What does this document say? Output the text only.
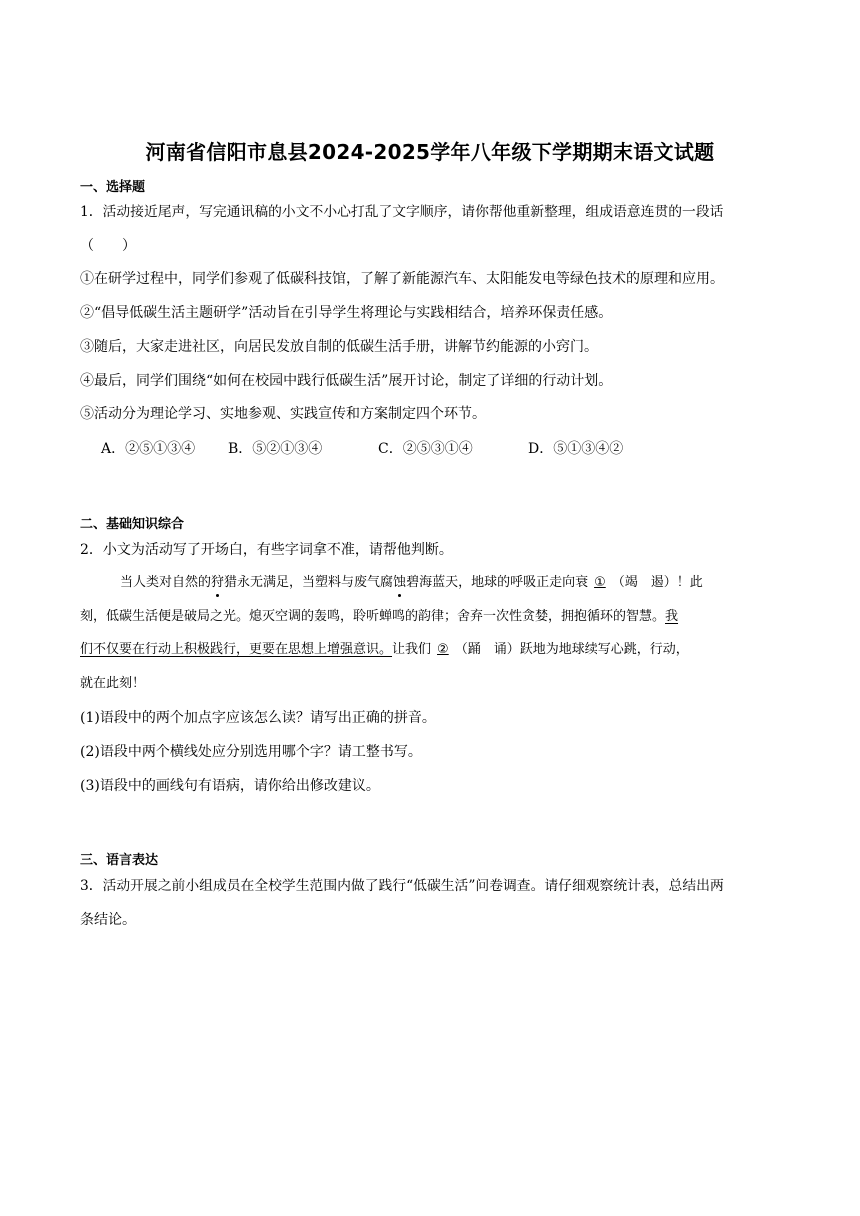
河南省信阳市息县2024-2025学年八年级下学期期末语文试题
一、选择题
1．活动接近尾声，写完通讯稿的小文不小心打乱了文字顺序，请你帮他重新整理，组成语意连贯的一段话
（　　）
①在研学过程中，同学们参观了低碳科技馆，了解了新能源汽车、太阳能发电等绿色技术的原理和应用。
②“倡导低碳生活主题研学”活动旨在引导学生将理论与实践相结合，培养环保责任感。
③随后，大家走进社区，向居民发放自制的低碳生活手册，讲解节约能源的小窍门。
④最后，同学们围绕“如何在校园中践行低碳生活”展开讨论，制定了详细的行动计划。
⑤活动分为理论学习、实地参观、实践宣传和方案制定四个环节。
A．②⑤①③④ B．⑤②①③④	C．②⑤③①④	D．⑤①③④②
二、基础知识综合
2．小文为活动写了开场白，有些字词拿不准，请帮他判断。
当人类对自然的狩猎永无满足，当塑料与废气腐蚀碧海蓝天，地球的呼吸正走向衰 ① （竭　遏）！此
刻，低碳生活便是破局之光。熄灭空调的轰鸣，聆听蝉鸣的韵律；舍弃一次性贪婪，拥抱循环的智慧。我
们不仅要在行动上积极践行，更要在思想上增强意识。让我们 ② （踊　诵）跃地为地球续写心跳，行动，
就在此刻！
(1)语段中的两个加点字应该怎么读？请写出正确的拼音。
(2)语段中两个横线处应分别选用哪个字？请工整书写。
(3)语段中的画线句有语病，请你给出修改建议。
三、语言表达
3．活动开展之前小组成员在全校学生范围内做了践行“低碳生活”问卷调查。请仔细观察统计表，总结出两
条结论。
